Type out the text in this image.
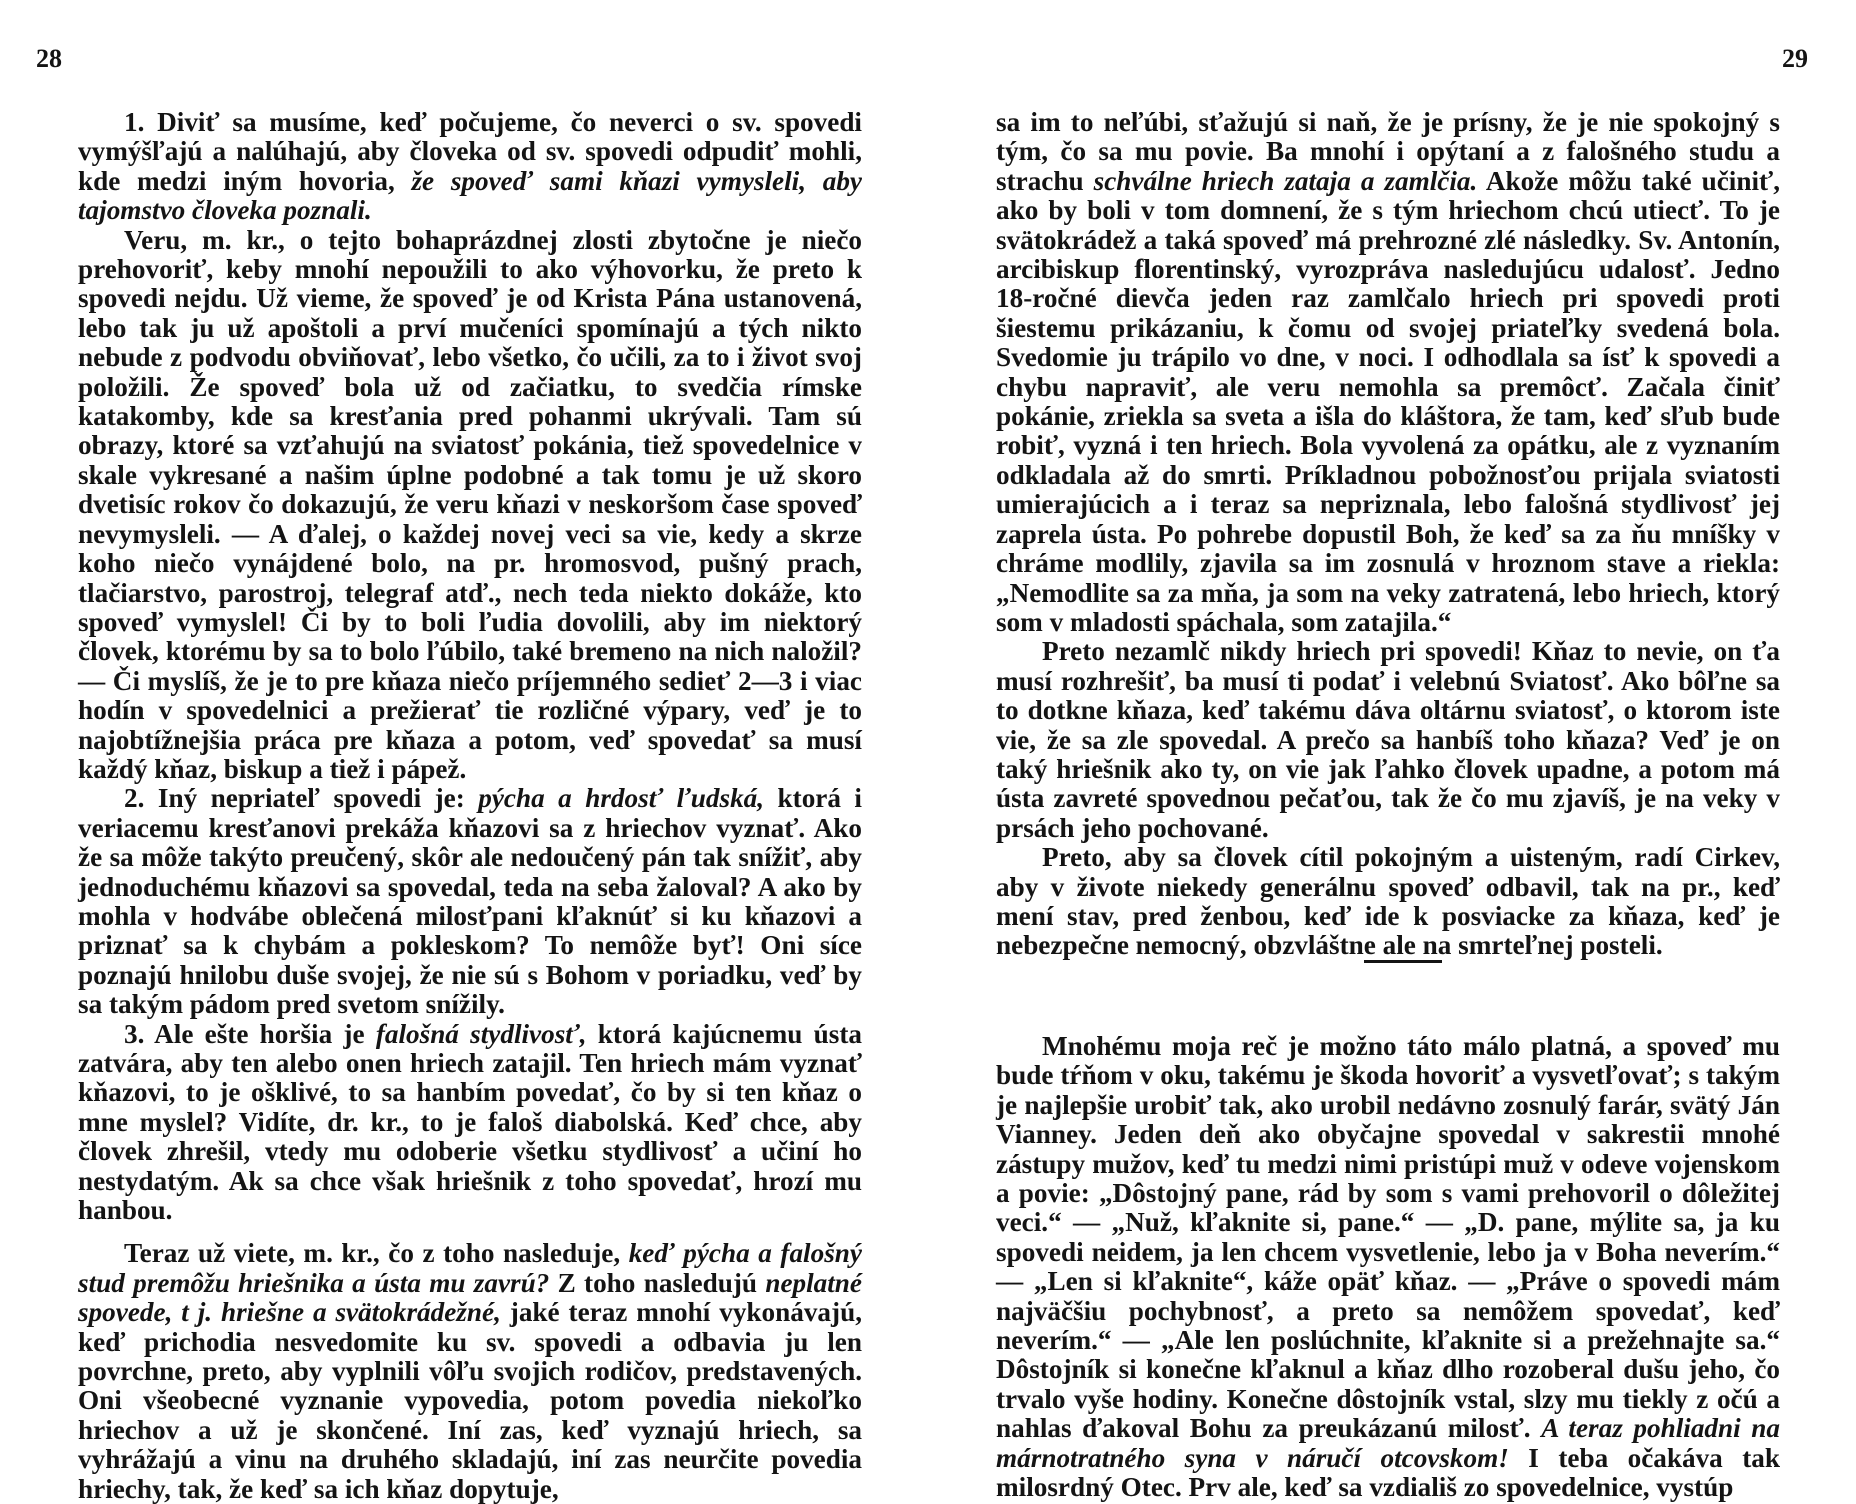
28

1. Diviť sa musíme, keď počujeme, čo neverci o sv. spovedi vymýšľajú a nalúhajú, aby človeka od sv. spovedi odpudiť mohli, kde medzi iným hovoria, že spoveď sami kňazi vymysleli, aby tajomstvo človeka poznali.

Veru, m. kr., o tejto bohaprázdnej zlosti zbytočne je niečo prehovoriť, keby mnohí nepoužili to ako výhovorku, že preto k spovedi nejdu. Už vieme, že spoveď je od Krista Pána ustanovená, lebo tak ju už apoštoli a prví mučeníci spomínajú a tých nikto nebude z podvodu obviňovať, lebo všetko, čo učili, za to i život svoj položili. Že spoveď bola už od začiatku, to svedčia rímske katakomby, kde sa kresťania pred pohanmi ukrývali. Tam sú obrazy, ktoré sa vzťahujú na sviatosť pokánia, tiež spovedelnice v skale vykresané a našim úplne podobné a tak tomu je už skoro dvetisíc rokov čo dokazujú, že veru kňazi v neskoršom čase spoveď nevymysleli. — A ďalej, o každej novej veci sa vie, kedy a skrze koho niečo vynájdené bolo, na pr. hromosvod, pušný prach, tlačiarstvo, parostroj, telegraf atď., nech teda niekto dokáže, kto spoveď vymyslel! Či by to boli ľudia dovolili, aby im niektorý človek, ktorému by sa to bolo ľúbilo, také bremeno na nich naložil? — Či myslíš, že je to pre kňaza niečo príjemného sedieť 2—3 i viac hodín v spovedelnici a prežierať tie rozličné výpary, veď je to najobtížnejšia práca pre kňaza a potom, veď spovedať sa musí každý kňaz, biskup a tiež i pápež.

2. Iný nepriateľ spovedi je: pýcha a hrdosť ľudská, ktorá i veriacemu kresťanovi prekáža kňazovi sa z hriechov vyznať. Ako že sa môže takýto preučený, skôr ale nedoučený pán tak snížiť, aby jednoduchému kňazovi sa spovedal, teda na seba žaloval? A ako by mohla v hodvábe oblečená milosťpani kľaknúť si ku kňazovi a priznať sa k chybám a pokleskom? To nemôže byť! Oni síce poznajú hnilobu duše svojej, že nie sú s Bohom v poriadku, veď by sa takým pádom pred svetom snížily.

3. Ale ešte horšia je falošná stydlivosť, ktorá kajúcnemu ústa zatvára, aby ten alebo onen hriech zatajil. Ten hriech mám vyznať kňazovi, to je ošklivé, to sa hanbím povedať, čo by si ten kňaz o mne myslel? Vidíte, dr. kr., to je faloš diabolská. Keď chce, aby človek zhrešil, vtedy mu odoberie všetku stydlivosť a učiní ho nestydatým. Ak sa chce však hriešnik z toho spovedať, hrozí mu hanbou.

Teraz už viete, m. kr., čo z toho nasleduje, keď pýcha a falošný stud premôžu hriešnika a ústa mu zavrú? Z toho nasledujú neplatné spovede, t j. hriešne a svätokrádežné, jaké teraz mnohí vykonávajú, keď prichodia nesvedomite ku sv. spovedi a odbavia ju len povrchne, preto, aby vyplnili vôľu svojich rodičov, predstavených. Oni všeobecné vyznanie vypovedia, potom povedia niekoľko hriechov a už je skončené. Iní zas, keď vyznajú hriech, sa vyhrážajú a vinu na druhého skladajú, iní zas neurčite povedia hriechy, tak, že keď sa ich kňaz dopytuje,

29

sa im to neľúbi, sťažujú si naň, že je prísny, že je nie spokojný s tým, čo sa mu povie. Ba mnohí i opýtaní a z falošného studu a strachu schválne hriech zataja a zamlčia. Akože môžu také učiniť, ako by boli v tom domnení, že s tým hriechom chcú utiecť. To je svätokrádež a taká spoveď má prehrozné zlé následky. Sv. Antonín, arcibiskup florentinský, vyrozpráva nasledujúcu udalosť. Jedno 18-ročné dievča jeden raz zamlčalo hriech pri spovedi proti šiestemu prikázaniu, k čomu od svojej priateľky svedená bola. Svedomie ju trápilo vo dne, v noci. I odhodlala sa ísť k spovedi a chybu napraviť, ale veru nemohla sa premôcť. Začala činiť pokánie, zriekla sa sveta a išla do kláštora, že tam, keď sľub bude robiť, vyzná i ten hriech. Bola vyvolená za opátku, ale z vyznaním odkladala až do smrti. Príkladnou pobožnosťou prijala sviatosti umierajúcich a i teraz sa nepriznala, lebo falošná stydlivosť jej zaprela ústa. Po pohrebe dopustil Boh, že keď sa za ňu mníšky v chráme modlily, zjavila sa im zosnulá v hroznom stave a riekla: „Nemodlite sa za mňa, ja som na veky zatratená, lebo hriech, ktorý som v mladosti spáchala, som zatajila.“

Preto nezamlč nikdy hriech pri spovedi! Kňaz to nevie, on ťa musí rozhrešiť, ba musí ti podať i velebnú Sviatosť. Ako bôľne sa to dotkne kňaza, keď takému dáva oltárnu sviatosť, o ktorom iste vie, že sa zle spovedal. A prečo sa hanbíš toho kňaza? Veď je on taký hriešnik ako ty, on vie jak ľahko človek upadne, a potom má ústa zavreté spovednou pečaťou, tak že čo mu zjavíš, je na veky v prsách jeho pochované.

Preto, aby sa človek cítil pokojným a uisteným, radí Cirkev, aby v živote niekedy generálnu spoveď odbavil, tak na pr., keď mení stav, pred ženbou, keď ide k posviacke za kňaza, keď je nebezpečne nemocný, obzvláštne ale na smrteľnej posteli.

Mnohému moja reč je možno táto málo platná, a spoveď mu bude tŕňom v oku, takému je škoda hovoriť a vysvetľovať; s takým je najlepšie urobiť tak, ako urobil nedávno zosnulý farár, svätý Ján Vianney. Jeden deň ako obyčajne spovedal v sakrestii mnohé zástupy mužov, keď tu medzi nimi pristúpi muž v odeve vojenskom a povie: „Dôstojný pane, rád by som s vami prehovoril o dôležitej veci.“ — „Nuž, kľaknite si, pane.“ — „D. pane, mýlite sa, ja ku spovedi neidem, ja len chcem vysvetlenie, lebo ja v Boha neverím.“ — „Len si kľaknite“, káže opäť kňaz. — „Práve o spovedi mám najväčšiu pochybnosť, a preto sa nemôžem spovedať, keď neverím.“ — „Ale len poslúchnite, kľaknite si a prežehnajte sa.“ Dôstojník si konečne kľaknul a kňaz dlho rozoberal dušu jeho, čo trvalo vyše hodiny. Konečne dôstojník vstal, slzy mu tiekly z očú a nahlas ďakoval Bohu za preukázanú milosť. A teraz pohliadni na márnotratného syna v náručí otcovskom! I teba očakáva tak milosrdný Otec. Prv ale, keď sa vzdiališ zo spovedelnice, vystúp
